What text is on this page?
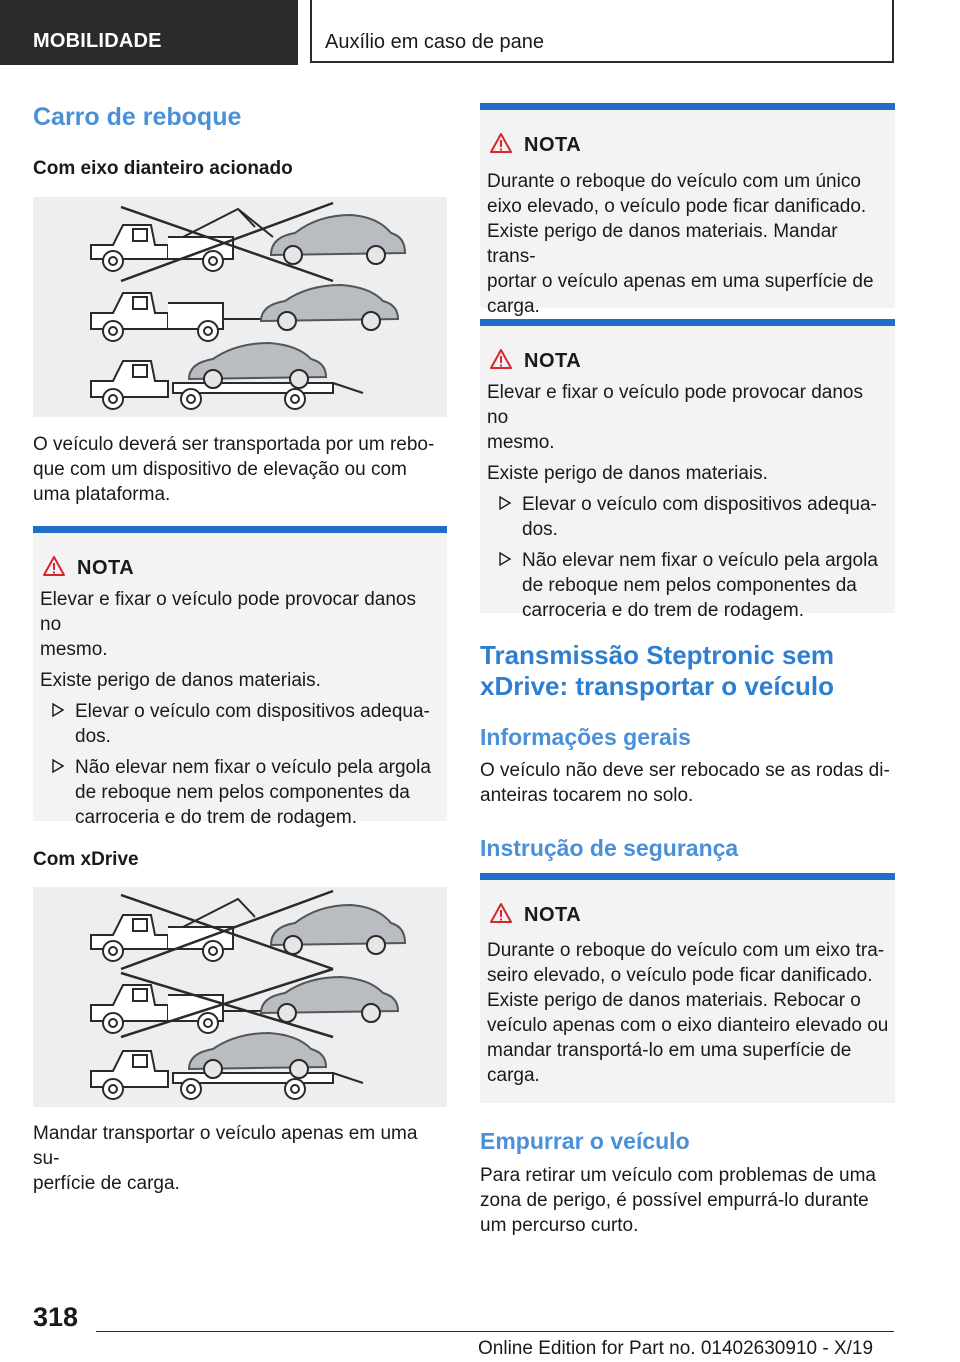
MOBILIDADE	Auxílio em caso de pane
Carro de reboque
Com eixo dianteiro acionado

O veículo deverá ser transportada por um rebo-
que com um dispositivo de elevação ou com
uma plataforma.

NOTA

Elevar e fixar o veículo pode provocar danos no
mesmo.

Existe perigo de danos materiais.

Elevar o veículo com dispositivos adequa-
dos.
Não elevar nem fixar o veículo pela argola
de reboque nem pelos componentes da
carroceria e do trem de rodagem.
Com xDrive

Mandar transportar o veículo apenas em uma su-
perfície de carga.

NOTA
Durante o reboque do veículo com um único
eixo elevado, o veículo pode ficar danificado.
Existe perigo de danos materiais. Mandar trans-
portar o veículo apenas em uma superfície de
carga.
NOTA

Elevar e fixar o veículo pode provocar danos no
mesmo.

Existe perigo de danos materiais.

Elevar o veículo com dispositivos adequa-
dos.
Não elevar nem fixar o veículo pela argola
de reboque nem pelos componentes da
carroceria e do trem de rodagem.
Transmissão Steptronic sem
xDrive: transportar o veículo
Informações gerais

O veículo não deve ser rebocado se as rodas di-
anteiras tocarem no solo.

Instrução de segurança
NOTA
Durante o reboque do veículo com um eixo tra-
seiro elevado, o veículo pode ficar danificado.
Existe perigo de danos materiais. Rebocar o
veículo apenas com o eixo dianteiro elevado ou
mandar transportá-lo em uma superfície de
carga.
Empurrar o veículo

Para retirar um veículo com problemas de uma
zona de perigo, é possível empurrá-lo durante
um percurso curto.

318
Online Edition for Part no. 01402630910 - X/19
